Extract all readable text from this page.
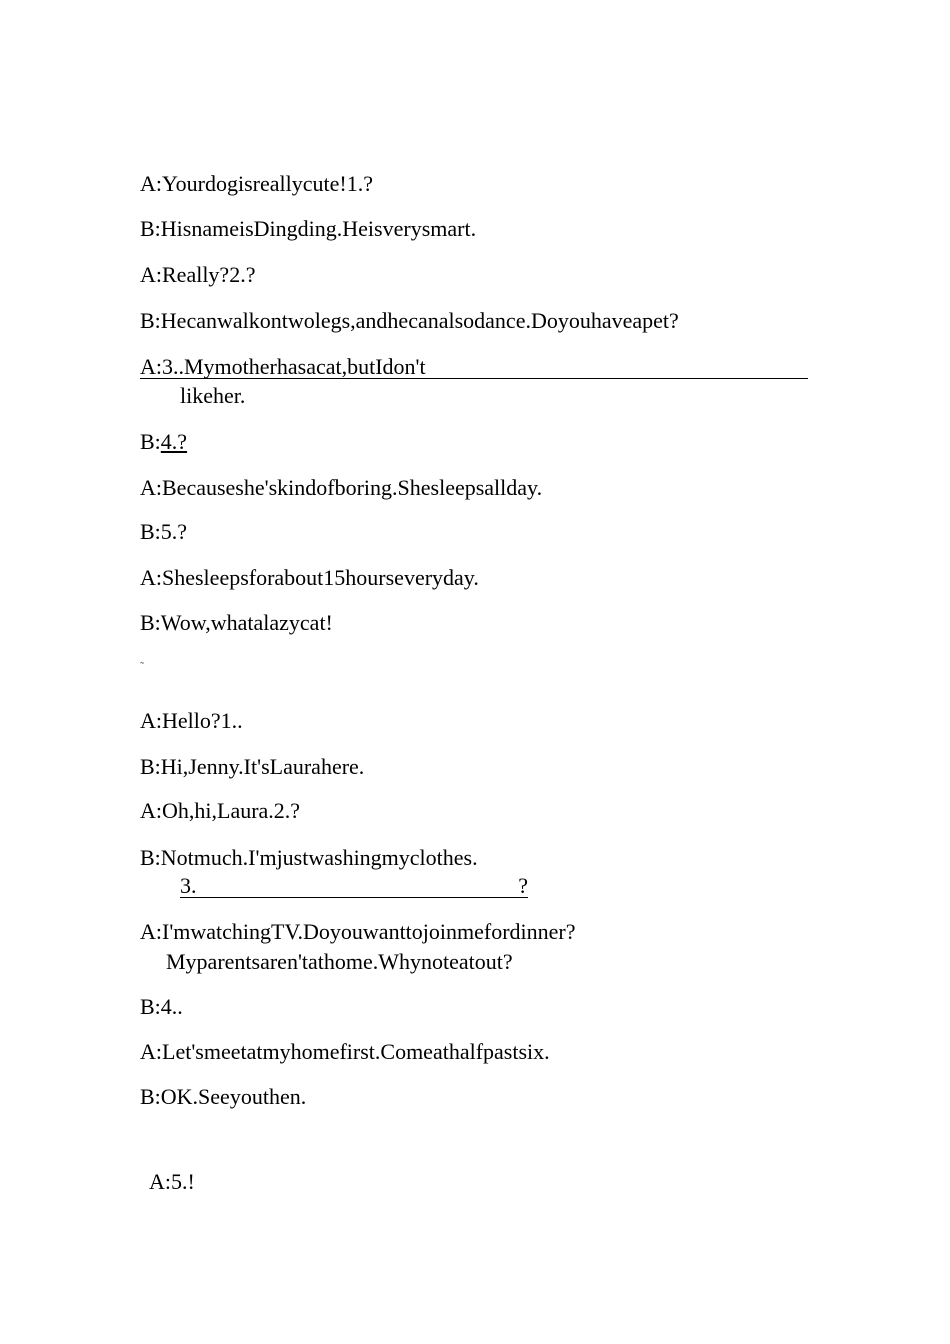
A:Yourdogisreallycute!1.?
B:HisnameisDingding.Heisverysmart.
A:Really?2.?
B:Hecanwalkontwolegs,andhecanalsodance.Doyouhaveapet?
A:3..Mymotherhasacat,butIdon't
likeher.
B:4.?
A:Becauseshe'skindofboring.Shesleepsallday.
B:5.?
A:Shesleepsforabout15hourseveryday.
B:Wow,whatalazycat!
˜
A:Hello?1..
B:Hi,Jenny.It'sLaurahere.
A:Oh,hi,Laura.2.?
B:Notmuch.I'mjustwashingmyclothes.
3.	?
A:I'mwatchingTV.Doyouwanttojoinmefordinner?
Myparentsaren'tathome.Whynoteatout?
B:4..
A:Let'smeetatmyhomefirst.Comeathalfpastsix.
B:OK.Seeyouthen.
A:5.!
